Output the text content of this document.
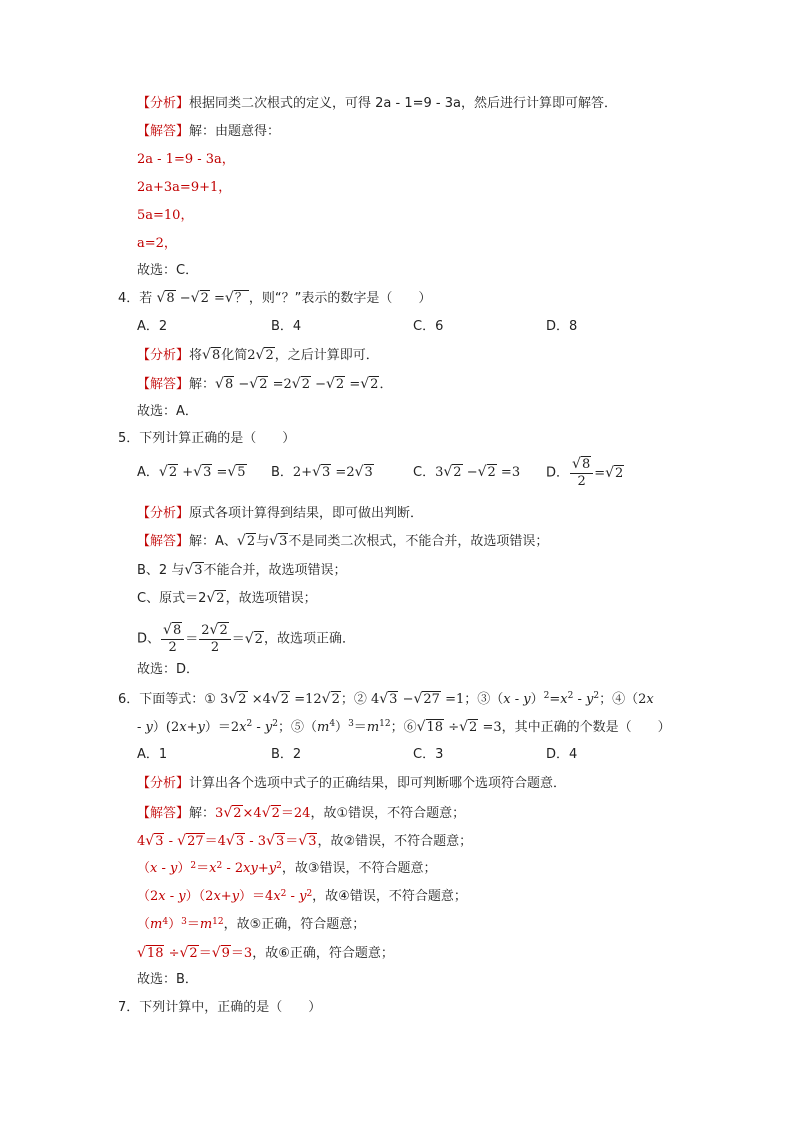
【分析】根据同类二次根式的定义，可得 2a - 1=9 - 3a，然后进行计算即可解答．
【解答】解：由题意得：
2a - 1=9 - 3a，
2a+3a=9+1，
5a=10，
a=2，
故选：C．
4．若 √8 −√2 =√？，则“？”表示的数字是（　　）
A．2	B．4	C．6	D．8
【分析】将√8化简2√2，之后计算即可．
【解答】解：√8 −√2 =2√2 −√2 =√2．
故选：A．
5．下列计算正确的是（　　）
A．√2 +√3 =√5 B．2+√3 =2√3	C．3√2 −√2 =3 D． $\frac{√8}{2} =√2$
【分析】原式各项计算得到结果，即可做出判断．
【解答】解：A、√2与√3不是同类二次根式，不能合并，故选项错误；
B、2 与√3不能合并，故选项错误；
C、原式＝2√2，故选项错误；
D、 $\frac{√8}{2} = \frac{2√2}{2} =√2$，故选项正确．
故选：D．
6．下面等式：① 3√2 ×4√2 =12√2；② 4√3 −√27 =1；③（x - $y)^2=x^2 - y^2$；④（2x
- $y)(2x+y)=2x^2 - y^2$；$⑤(m^4)^3=m^{12}$；⑥√18 ÷√2 =3，其中正确的个数是（　　）
A．1	B．2	C．3	D．4
【分析】计算出各个选项中式子的正确结果，即可判断哪个选项符合题意．
【解答】解：3√2×4√2＝24，故①错误，不符合题意；
4√3 - √27＝4√3 - 3√3＝√3，故②错误，不符合题意；
$(x - y)^2=x^2 - 2xy+y^2$，故③错误，不符合题意；
$(2x - y)(2x+y)=4x^2 - y^2$，故④错误，不符合题意；
$(m^4)^3=m^{12}$，故⑤正确，符合题意；
√18 ÷√2＝√9＝3，故⑥正确，符合题意；
故选：B．
7．下列计算中，正确的是（　　）
